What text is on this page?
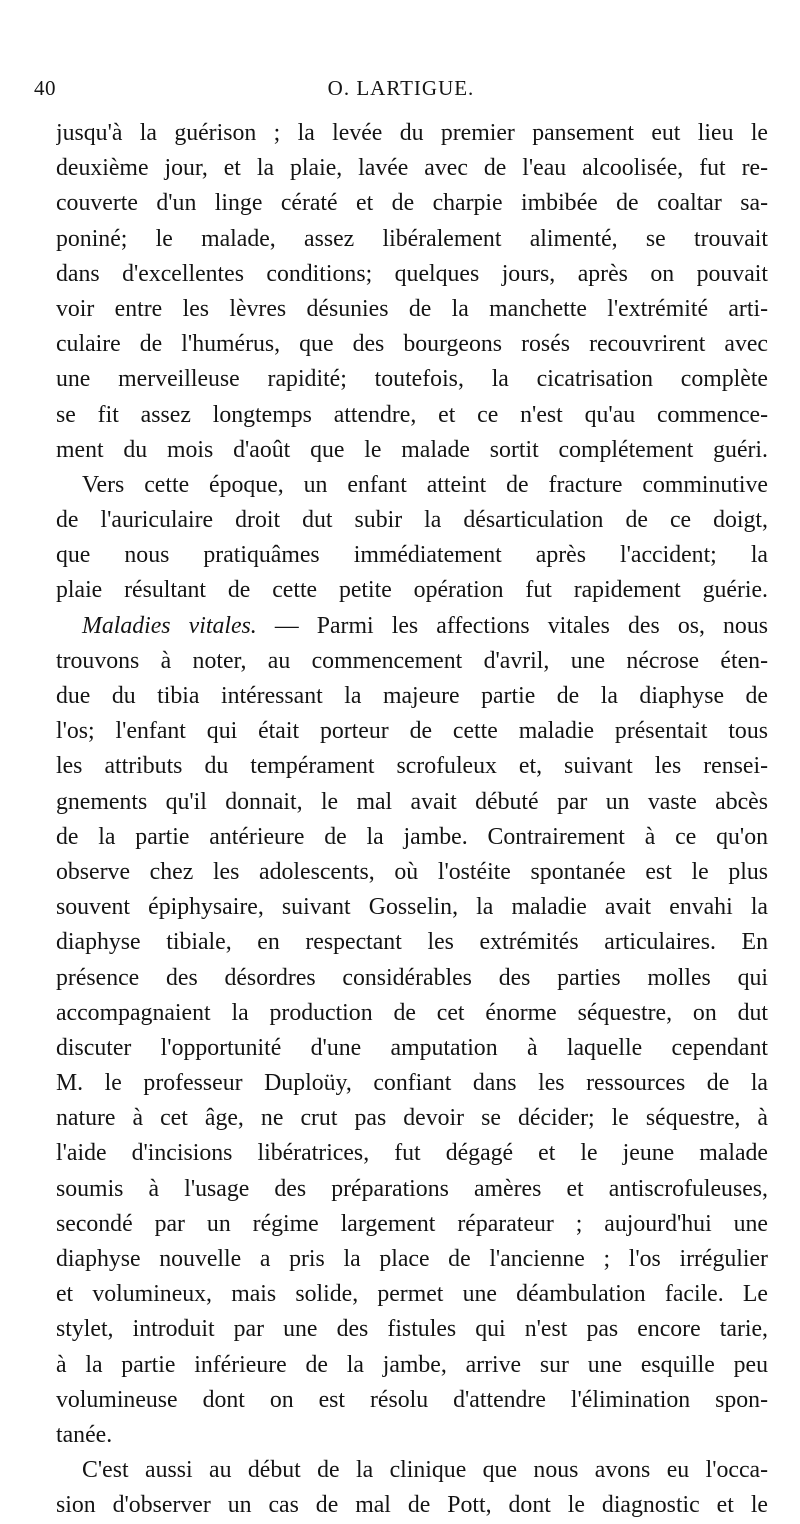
40	O. LARTIGUE.
jusqu'à la guérison ; la levée du premier pansement eut lieu le
deuxième jour, et la plaie, lavée avec de l'eau alcoolisée, fut re-
couverte d'un linge cératé et de charpie imbibée de coaltar sa-
poniné; le malade, assez libéralement alimenté, se trouvait
dans d'excellentes conditions; quelques jours, après on pouvait
voir entre les lèvres désunies de la manchette l'extrémité arti-
culaire de l'humérus, que des bourgeons rosés recouvrirent avec
une merveilleuse rapidité; toutefois, la cicatrisation complète
se fit assez longtemps attendre, et ce n'est qu'au commence-
ment du mois d'août que le malade sortit complétement guéri.
Vers cette époque, un enfant atteint de fracture comminutive
de l'auriculaire droit dut subir la désarticulation de ce doigt,
que nous pratiquâmes immédiatement après l'accident; la
plaie résultant de cette petite opération fut rapidement guérie.
Maladies vitales. — Parmi les affections vitales des os, nous
trouvons à noter, au commencement d'avril, une nécrose éten-
due du tibia intéressant la majeure partie de la diaphyse de
l'os; l'enfant qui était porteur de cette maladie présentait tous
les attributs du tempérament scrofuleux et, suivant les rensei-
gnements qu'il donnait, le mal avait débuté par un vaste abcès
de la partie antérieure de la jambe. Contrairement à ce qu'on
observe chez les adolescents, où l'ostéite spontanée est le plus
souvent épiphysaire, suivant Gosselin, la maladie avait envahi la
diaphyse tibiale, en respectant les extrémités articulaires. En
présence des désordres considérables des parties molles qui
accompagnaient la production de cet énorme séquestre, on dut
discuter l'opportunité d'une amputation à laquelle cependant
M. le professeur Duploüy, confiant dans les ressources de la
nature à cet âge, ne crut pas devoir se décider; le séquestre, à
l'aide d'incisions libératrices, fut dégagé et le jeune malade
soumis à l'usage des préparations amères et antiscrofuleuses,
secondé par un régime largement réparateur ; aujourd'hui une
diaphyse nouvelle a pris la place de l'ancienne ; l'os irrégulier
et volumineux, mais solide, permet une déambulation facile. Le
stylet, introduit par une des fistules qui n'est pas encore tarie,
à la partie inférieure de la jambe, arrive sur une esquille peu
volumineuse dont on est résolu d'attendre l'élimination spon-
tanée.
C'est aussi au début de la clinique que nous avons eu l'occa-
sion d'observer un cas de mal de Pott, dont le diagnostic et le
